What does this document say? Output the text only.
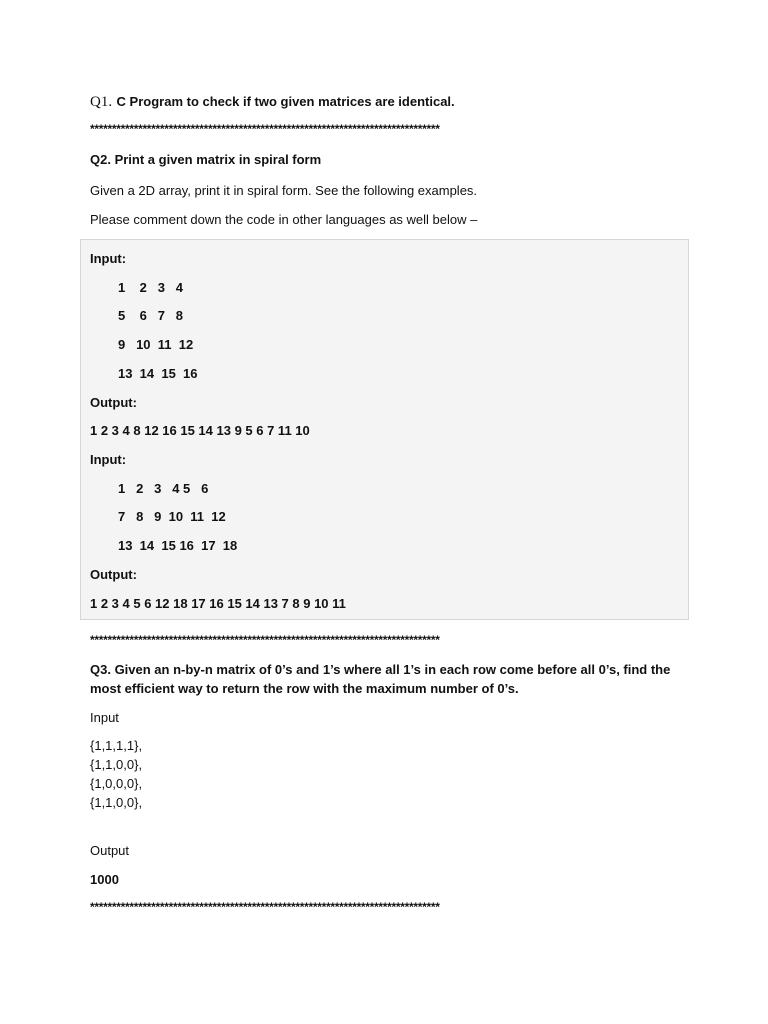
Q1. C Program to check if two given matrices are identical.
********************************************************************************
Q2. Print a given matrix in spiral form
Given a 2D array, print it in spiral form. See the following examples.
Please comment down the code in other languages as well below –
Input:
1    2   3   4
5    6   7   8
9   10  11  12
13  14  15  16
Output:
1 2 3 4 8 12 16 15 14 13 9 5 6 7 11 10
Input:
1   2   3   4 5   6
7   8   9  10  11  12
13  14  15 16  17  18
Output:
1 2 3 4 5 6 12 18 17 16 15 14 13 7 8 9 10 11
********************************************************************************
Q3. Given an n-by-n matrix of 0’s and 1’s where all 1’s in each row come before all 0’s, find the
most efficient way to return the row with the maximum number of 0’s.
Input
{1,1,1,1},
{1,1,0,0},
{1,0,0,0},
{1,1,0,0},
Output
1000
********************************************************************************
